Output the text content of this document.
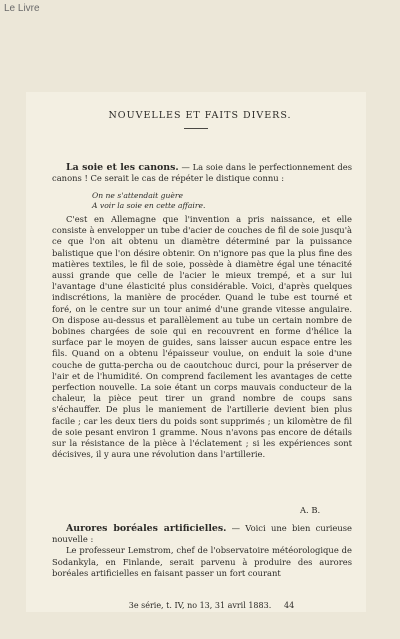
Le Livre
NOUVELLES ET FAITS DIVERS.

La soie et les canons. — La soie dans le perfectionnement des canons ! Ce serait le cas de répéter le distique connu :

On ne s'attendait guère
A voir la soie en cette affaire.

C'est en Allemagne que l'invention a pris naissance, et elle consiste à envelopper un tube d'acier de couches de fil de soie jusqu'à ce que l'on ait obtenu un diamètre déterminé par la puissance balistique que l'on désire obtenir. On n'ignore pas que la plus fine des matières textiles, le fil de soie, possède à diamètre égal une ténacité aussi grande que celle de l'acier le mieux trempé, et a sur lui l'avantage d'une élasticité plus considérable. Voici, d'après quelques indiscrétions, la manière de procéder. Quand le tube est tourné et foré, on le centre sur un tour animé d'une grande vitesse angulaire. On dispose au-dessus et parallèlement au tube un certain nombre de bobines chargées de soie qui en recouvrent en forme d'hélice la surface par le moyen de guides, sans laisser aucun espace entre les fils. Quand on a obtenu l'épaisseur voulue, on enduit la soie d'une couche de gutta-percha ou de caoutchouc durci, pour la préserver de l'air et de l'humidité. On comprend facilement les avantages de cette perfection nouvelle. La soie étant un corps mauvais conducteur de la chaleur, la pièce peut tirer un grand nombre de coups sans s'échauffer. De plus le maniement de l'artillerie devient bien plus facile ; car les deux tiers du poids sont supprimés ; un kilomètre de fil de soie pesant environ 1 gramme. Nous n'avons pas encore de détails sur la résistance de la pièce à l'éclatement ; si les expériences sont décisives, il y aura une révolution dans l'artillerie.

A. B.

Aurores boréales artificielles. — Voici une bien curieuse nouvelle :

Le professeur Lemstrom, chef de l'observatoire météorologique de Sodankyla, en Finlande, serait parvenu à produire des aurores boréales artificielles en faisant passer un fort courant

3e série, t. IV, no 13, 31 avril 1883. 44
